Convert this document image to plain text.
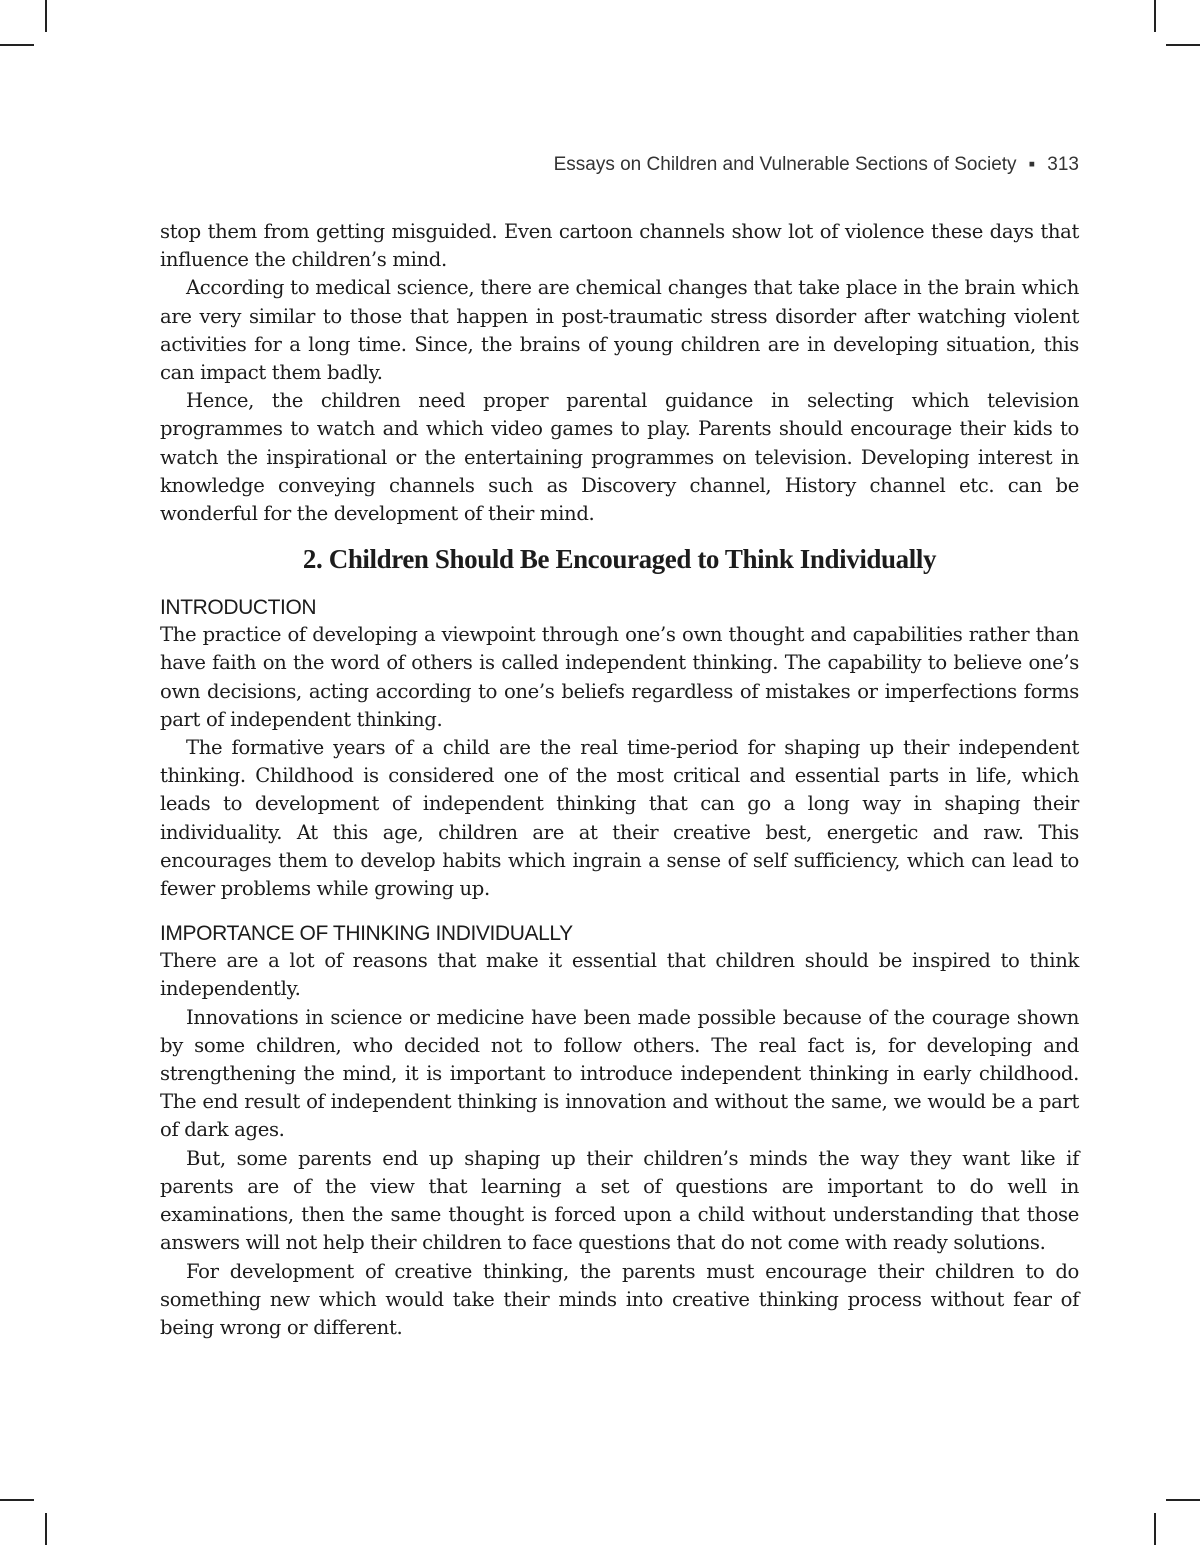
Essays on Children and Vulnerable Sections of Society ▪ 313

stop them from getting misguided. Even cartoon channels show lot of violence these days that influence the children’s mind.

According to medical science, there are chemical changes that take place in the brain which are very similar to those that happen in post-traumatic stress disorder after watching violent activities for a long time. Since, the brains of young children are in developing situation, this can impact them badly.

Hence, the children need proper parental guidance in selecting which television programmes to watch and which video games to play. Parents should encourage their kids to watch the inspirational or the entertaining programmes on television. Developing interest in knowledge conveying channels such as Discovery channel, History channel etc. can be wonderful for the development of their mind.

2. Children Should Be Encouraged to Think Individually
INTRODUCTION

The practice of developing a viewpoint through one’s own thought and capabilities rather than have faith on the word of others is called independent thinking. The capability to believe one’s own decisions, acting according to one’s beliefs regardless of mistakes or imperfections forms part of independent thinking.

The formative years of a child are the real time-period for shaping up their independent thinking. Childhood is considered one of the most critical and essential parts in life, which leads to development of independent thinking that can go a long way in shaping their individuality. At this age, children are at their creative best, energetic and raw. This encourages them to develop habits which ingrain a sense of self sufficiency, which can lead to fewer problems while growing up.

IMPORTANCE OF THINKING INDIVIDUALLY

There are a lot of reasons that make it essential that children should be inspired to think independently.

Innovations in science or medicine have been made possible because of the courage shown by some children, who decided not to follow others. The real fact is, for developing and strengthening the mind, it is important to introduce independent thinking in early childhood. The end result of independent thinking is innovation and without the same, we would be a part of dark ages.

But, some parents end up shaping up their children’s minds the way they want like if parents are of the view that learning a set of questions are important to do well in examinations, then the same thought is forced upon a child without understanding that those answers will not help their children to face questions that do not come with ready solutions.

For development of creative thinking, the parents must encourage their children to do something new which would take their minds into creative thinking process without fear of being wrong or different.
